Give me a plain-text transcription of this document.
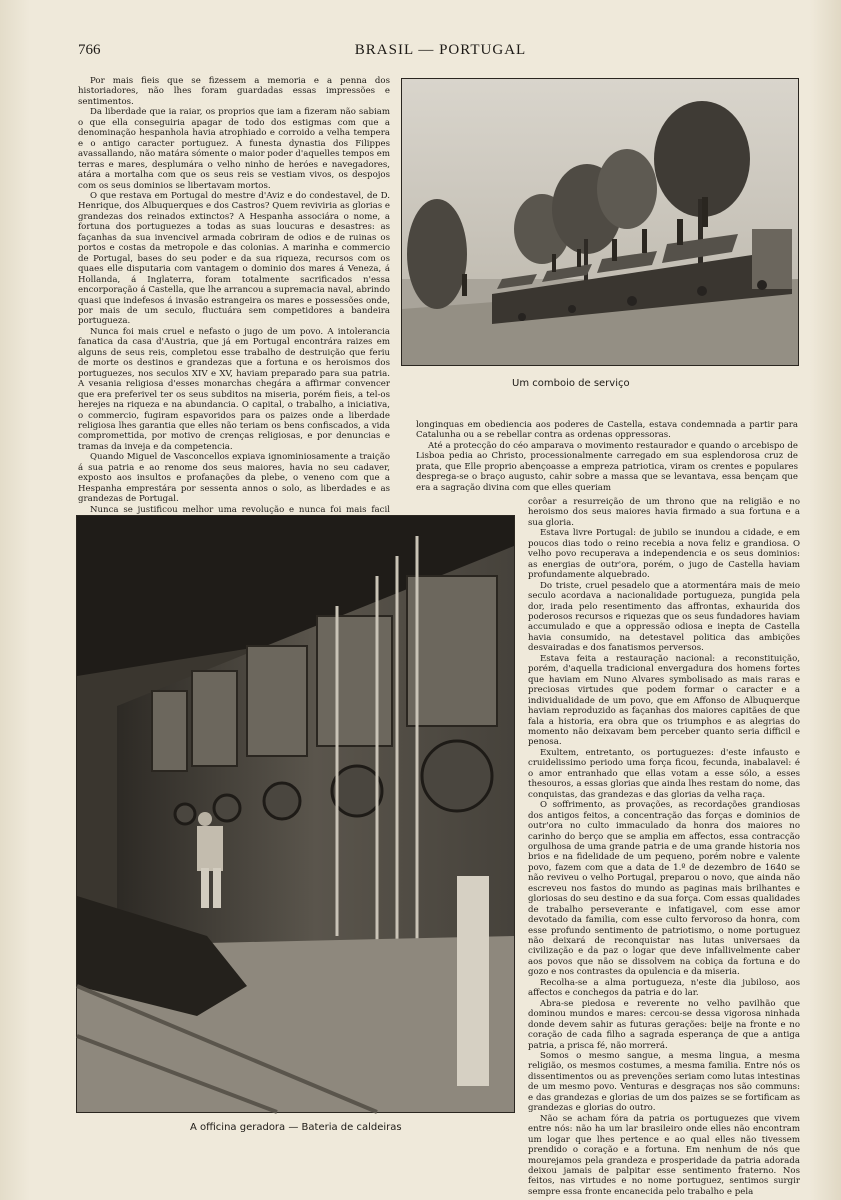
766	BRASIL — PORTUGAL

Por mais fieis que se fizessem a memoria e a penna dos historiadores, não lhes foram guardadas essas impressões e sentimentos.

Da liberdade que ia raiar, os proprios que iam a fizeram não sabiam o que ella conseguiria apagar de todo dos estigmas com que a denominação hespanhola havia atrophiado e corroido a velha tempera e o antigo caracter portuguez. A funesta dynastia dos Filippes avassallando, não matára sómente o maior poder d'aquelles tempos em terras e mares, desplumára o velho ninho de heróes e navegadores, atára a mortalha com que os seus reis se vestiam vivos, os despojos com os seus dominios se libertavam mortos.

O que restava em Portugal do mestre d'Aviz e do condestavel, de D. Henrique, dos Albuquerques e dos Castros? Quem reviviria as glorias e grandezas dos reinados extinctos? A Hespanha associára o nome, a fortuna dos portuguezes a todas as suas loucuras e desastres: as façanhas da sua invencivel armada cobriram de odios e de ruinas os portos e costas da metropole e das colonias. A marinha e commercio de Portugal, bases do seu poder e da sua riqueza, recursos com os quaes elle disputaria com vantagem o dominio dos mares á Veneza, á Hollanda, á Inglaterra, foram totalmente sacrificados n'essa encorporação á Castella, que lhe arrancou a supremacia naval, abrindo quasi que indefesos á invasão estrangeira os mares e possessões onde, por mais de um seculo, fluctuára sem competidores a bandeira portugueza.

Nunca foi mais cruel e nefasto o jugo de um povo. A intolerancia fanatica da casa d'Austria, que já em Portugal encontrára raizes em alguns de seus reis, completou esse trabalho de destruição que feriu de morte os destinos e grandezas que a fortuna e os heroismos dos portuguezes, nos seculos XIV e XV, haviam preparado para sua patria. A vesania religiosa d'esses monarchas chegára a affirmar convencer que era preferivel ter os seus subditos na miseria, porém fieis, a tel-os herejes na riqueza e na abundancia. O capital, o trabalho, a iniciativa, o commercio, fugiram espavoridos para os paizes onde a liberdade religiosa lhes garantia que elles não teriam os bens confiscados, a vida compromettida, por motivo de crenças religiosas, e por denuncias e tramas da inveja e da competencia.

Quando Miguel de Vasconcellos expiava ignominiosamente a traição á sua patria e ao renome dos seus maiores, havia no seu cadaver, exposto aos insultos e profanações da plebe, o veneno com que a Hespanha emprestára por sessenta annos o solo, as liberdades e as grandezas de Portugal.

Nunca se justificou melhor uma revolução e nunca foi mais facil

Um comboio de serviço

longinquas em obediencia aos poderes de Castella, estava condemnada a partir para Catalunha ou a se rebellar contra as ordenas oppressoras.

Até a protecção do céo amparava o movimento restaurador e quando o arcebispo de Lisboa pedia ao Christo, processionalmente carregado em sua esplendorosa cruz de prata, que Elle proprio abençoasse a empreza patriotica, viram os crentes e populares desprega-se o braço augusto, cahir sobre a massa que se levantava, essa bençam que era a sagração divina com que elles queriam

A officina geradora — Bateria de caldeiras

corôar a resurreição de um throno que na religião e no heroismo dos seus maiores havia firmado a sua fortuna e a sua gloria.

Estava livre Portugal: de jubilo se inundou a cidade, e em poucos dias todo o reino recebia a nova feliz e grandiosa. O velho povo recuperava a independencia e os seus dominios: as energias de outr'ora, porém, o jugo de Castella haviam profundamente alquebrado.

Do triste, cruel pesadelo que a atormentára mais de meio seculo acordava a nacionalidade portugueza, pungida pela dor, irada pelo resentimento das affrontas, exhaurida dos poderosos recursos e riquezas que os seus fundadores haviam accumulado e que a oppressão odiosa e inepta de Castella havia consumido, na detestavel politica das ambições desvairadas e dos fanatismos perversos.

Estava feita a restauração nacional: a reconstituição, porém, d'aquella tradicional envergadura dos homens fortes que haviam em Nuno Alvares symbolisado as mais raras e preciosas virtudes que podem formar o caracter e a individualidade de um povo, que em Affonso de Albuquerque haviam reproduzido as façanhas dos maiores capitães de que fala a historia, era obra que os triumphos e as alegrias do momento não deixavam bem perceber quanto seria difficil e penosa.

Exultem, entretanto, os portuguezes: d'este infausto e cruidelissimo periodo uma força ficou, fecunda, inabalavel: é o amor entranhado que ellas votam a esse sólo, a esses thesouros, a essas glorias que ainda lhes restam do nome, das conquistas, das grandezas e das glorias da velha raça.

O soffrimento, as provações, as recordações grandiosas dos antigos feitos, a concentração das forças e dominios de outr'ora no culto immaculado da honra dos maiores no carinho do berço que se amplia em affectos, essa contracção orgulhosa de uma grande patria e de uma grande historia nos brios e na fidelidade de um pequeno, porém nobre e valente povo, fazem com que a data de 1.º de dezembro de 1640 se não reviveu o velho Portugal, preparou o novo, que ainda não escreveu nos fastos do mundo as paginas mais brilhantes e gloriosas do seu destino e da sua força. Com essas qualidades de trabalho perseverante e infatigavel, com esse amor devotado da familia, com esse culto fervoroso da honra, com esse profundo sentimento de patriotismo, o nome portuguez não deixará de reconquistar nas lutas universaes da civilização e da paz o logar que deve infallivelmente caber aos povos que não se dissolvem na cobiça da fortuna e do gozo e nos contrastes da opulencia e da miseria.

Recolha-se a alma portugueza, n'este dia jubiloso, aos affectos e conchegos da patria e do lar.

Abra-se piedosa e reverente no velho pavilhão que dominou mundos e mares: cercou-se dessa vigorosa ninhada donde devem sahir as futuras gerações: beije na fronte e no coração de cada filho a sagrada esperança de que a antiga patria, a prisca fé, não morrerá.

Somos o mesmo sangue, a mesma lingua, a mesma religião, os mesmos costumes, a mesma familia. Entre nós os dissentimentos ou as prevenções seriam como lutas intestinas de um mesmo povo. Venturas e desgraças nos são communs: e das grandezas e glorias de um dos paizes se se fortificam as grandezas e glorias do outro.

Não se acham fóra da patria os portuguezes que vivem entre nós: não ha um lar brasileiro onde elles não encontram um logar que lhes pertence e ao qual elles não tivessem prendido o coração e a fortuna. Em nenhum de nós que mourejamos pela grandeza e prosperidade da patria adorada deixou jamais de palpitar esse sentimento fraterno. Nos feitos, nas virtudes e no nome portuguez, sentimos surgir sempre essa fronte encanecida pelo trabalho e pela
